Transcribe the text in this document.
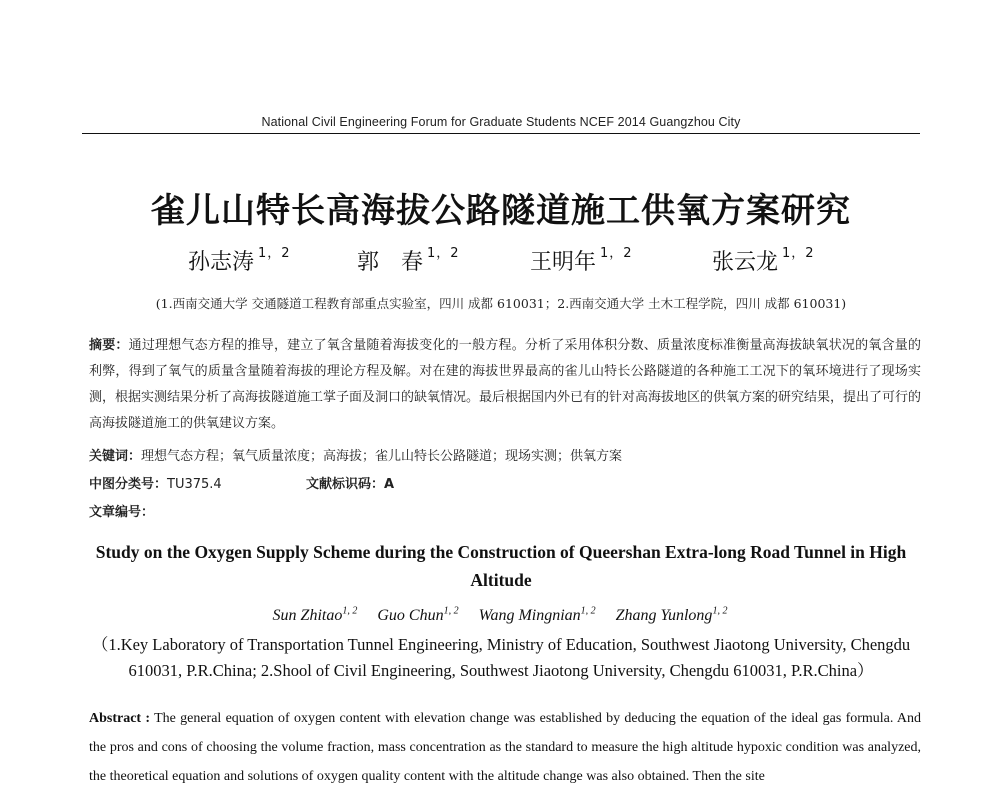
National Civil Engineering Forum for Graduate Students NCEF 2014 Guangzhou City
雀儿山特长高海拔公路隧道施工供氧方案研究
孙志涛 $^{1,2}$	郭　春 $^{1,2}$	王明年 $^{1,2}$	张云龙 $^{1,2}$
(1.西南交通大学 交通隧道工程教育部重点实验室，四川 成都 610031；2.西南交通大学 土木工程学院，四川 成都 610031)
摘要：通过理想气态方程的推导，建立了氧含量随着海拔变化的一般方程。分析了采用体积分数、质量浓度标准衡量高海拔缺氧状况的氧含量的利弊，得到了氧气的质量含量随着海拔的理论方程及解。对在建的海拔世界最高的雀儿山特长公路隧道的各种施工工况下的氧环境进行了现场实测，根据实测结果分析了高海拔隧道施工掌子面及洞口的缺氧情况。最后根据国内外已有的针对高海拔地区的供氧方案的研究结果，提出了可行的高海拔隧道施工的供氧建议方案。
关键词：理想气态方程；氧气质量浓度；高海拔；雀儿山特长公路隧道；现场实测；供氧方案
中图分类号：TU375.4	文献标识码：A
文章编号：
Study on the Oxygen Supply Scheme during the Construction of Queershan Extra-long Road Tunnel in High Altitude
Sun Zhitao$^{1, 2}$ Guo Chun$^{1, 2}$ Wang Mingnian$^{1, 2}$ Zhang Yunlong$^{1, 2}$
（1.Key Laboratory of Transportation Tunnel Engineering, Ministry of Education, Southwest Jiaotong University, Chengdu 610031, P.R.China; 2.Shool of Civil Engineering, Southwest Jiaotong University, Chengdu 610031, P.R.China）
Abstract : The general equation of oxygen content with elevation change was established by deducing the equation of the ideal gas formula. And the pros and cons of choosing the volume fraction, mass concentration as the standard to measure the high altitude hypoxic condition was analyzed, the theoretical equation and solutions of oxygen quality content with the altitude change was also obtained. Then the site
